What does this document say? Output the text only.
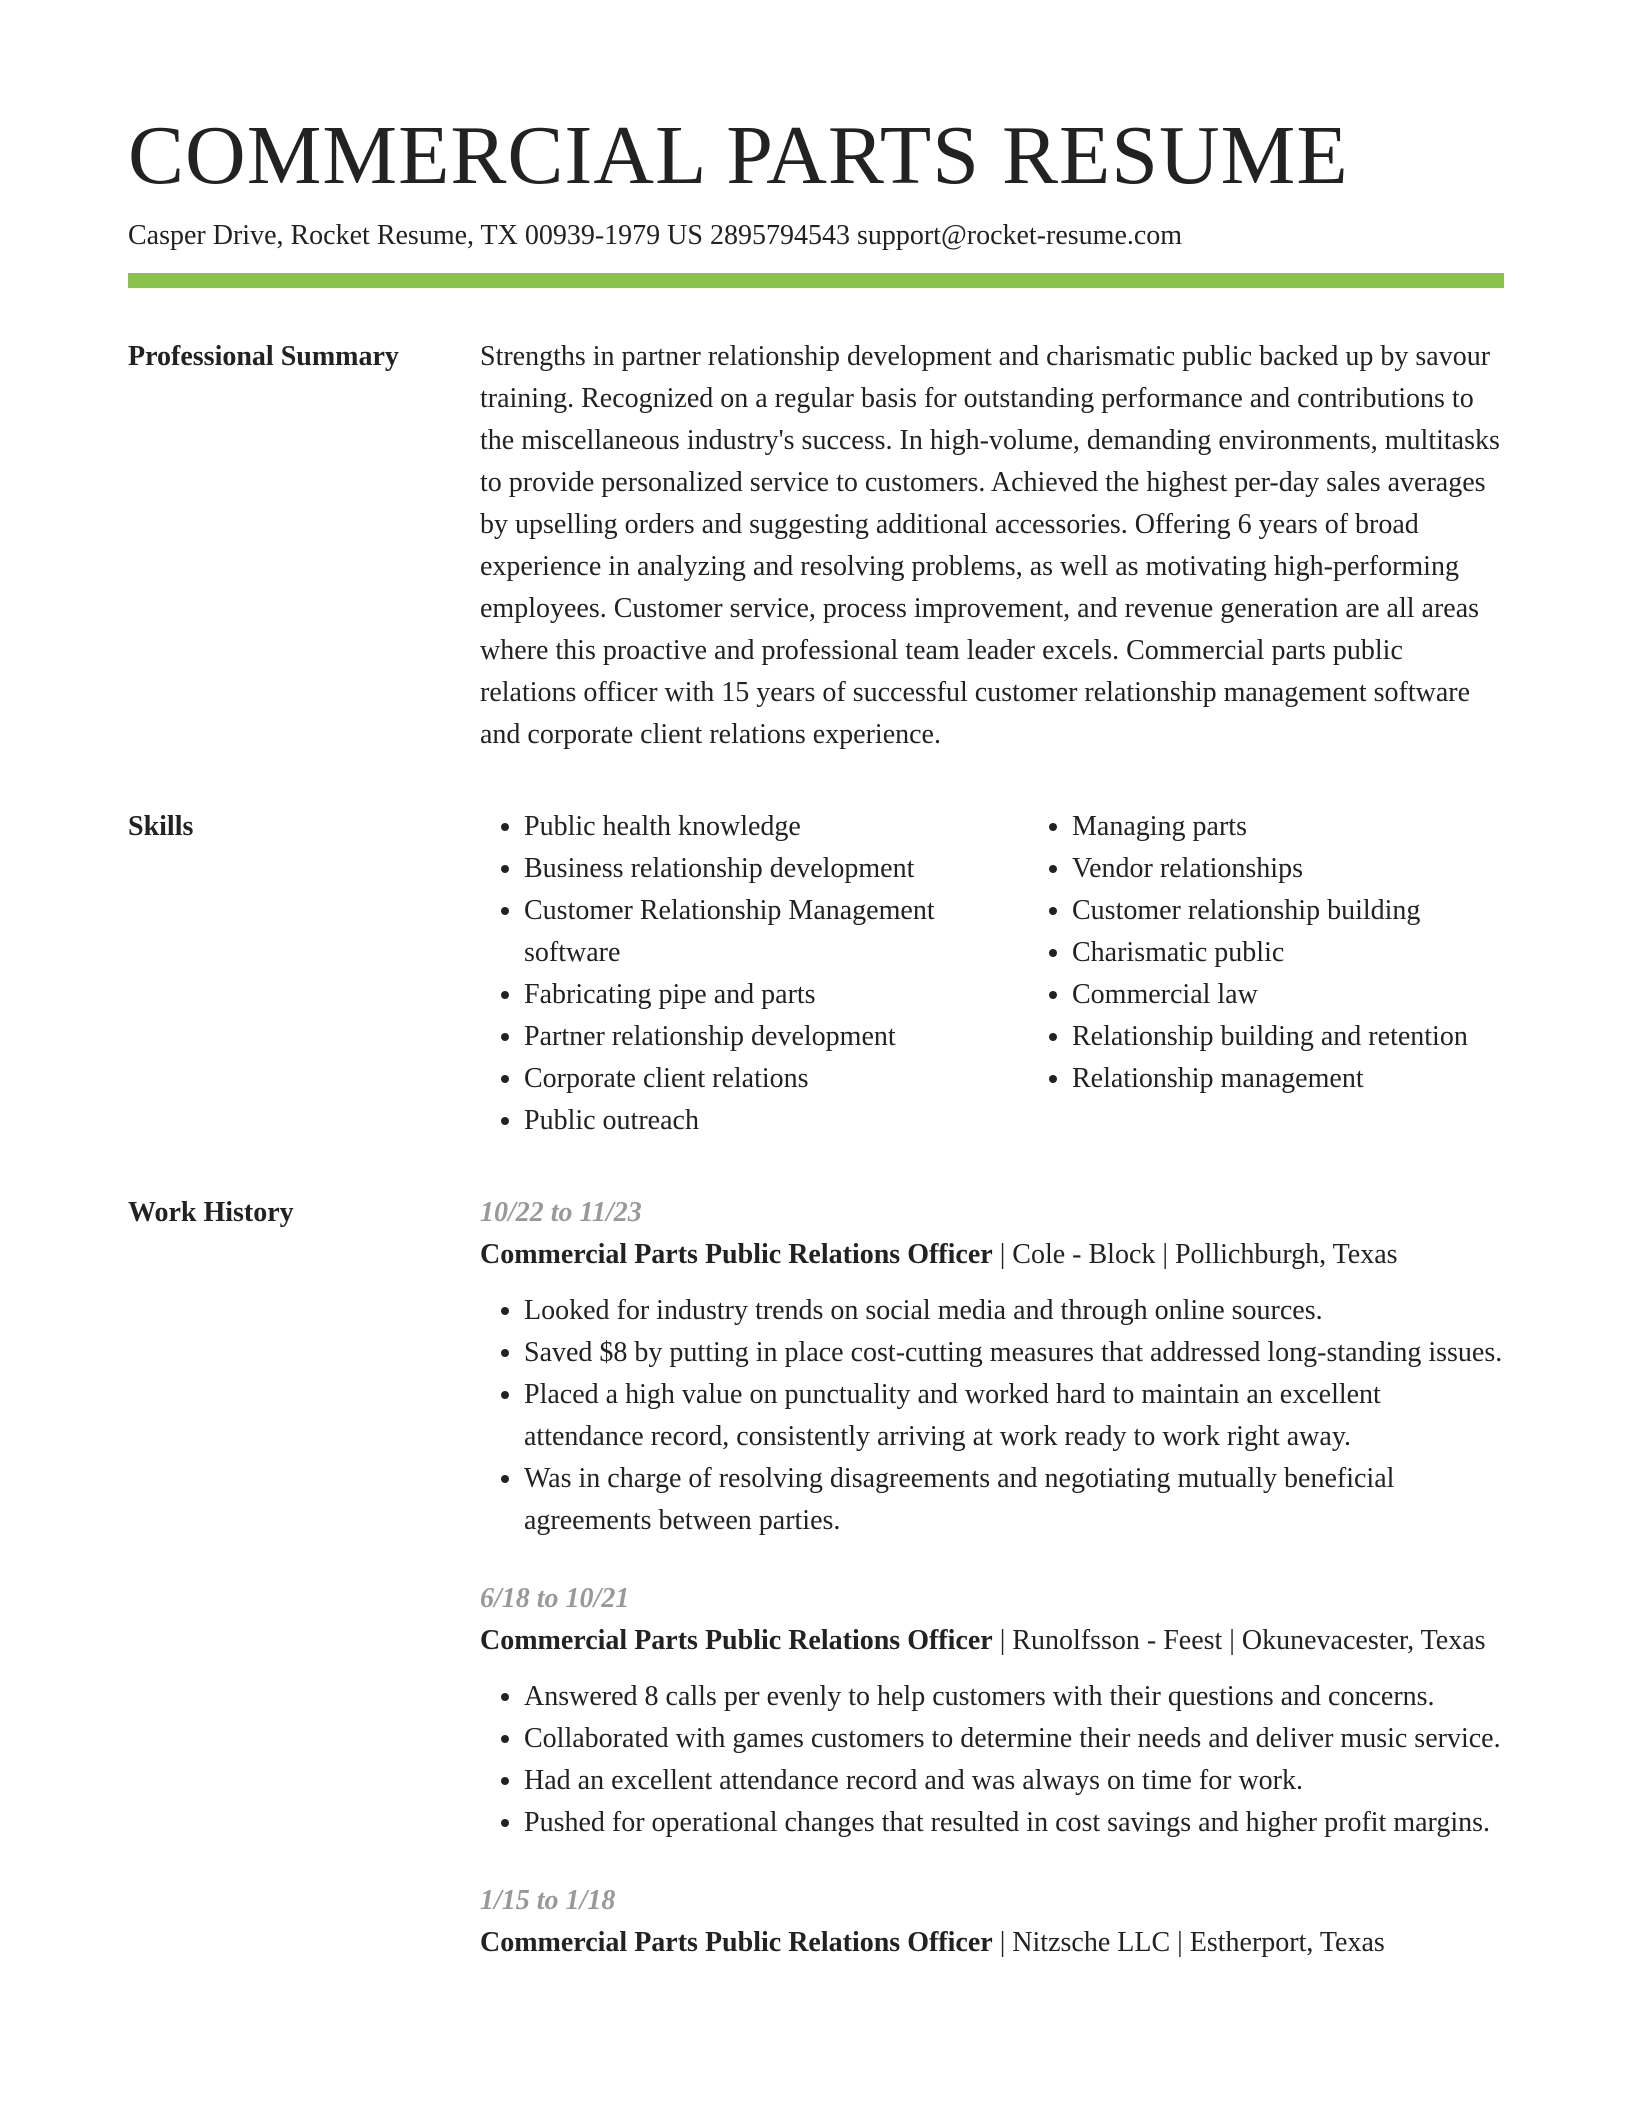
COMMERCIAL PARTS RESUME
Casper Drive, Rocket Resume, TX 00939-1979 US 2895794543 support@rocket-resume.com
Professional Summary	Strengths in partner relationship development and charismatic public backed up by savour training. Recognized on a regular basis for outstanding performance and contributions to the miscellaneous industry's success. In high-volume, demanding environments, multitasks to provide personalized service to customers. Achieved the highest per-day sales averages by upselling orders and suggesting additional accessories. Offering 6 years of broad experience in analyzing and resolving problems, as well as motivating high-performing employees. Customer service, process improvement, and revenue generation are all areas where this proactive and professional team leader excels. Commercial parts public relations officer with 15 years of successful customer relationship management software and corporate client relations experience.

Skills
•	Public health knowledge
• Business relationship development
• Customer Relationship Management software
• Fabricating pipe and parts
• Partner relationship development
• Corporate client relations
• Public outreach
• Managing parts
• Vendor relationships
• Customer relationship building
• Charismatic public
• Commercial law
• Relationship building and retention
• Relationship management
Work History	10/22 to 11/23
Commercial Parts Public Relations Officer | Cole - Block | Pollichburgh, Texas
• Looked for industry trends on social media and through online sources.
• Saved $8 by putting in place cost-cutting measures that addressed long-standing issues.
• Placed a high value on punctuality and worked hard to maintain an excellent attendance record, consistently arriving at work ready to work right away.
• Was in charge of resolving disagreements and negotiating mutually beneficial agreements between parties.
6/18 to 10/21
Commercial Parts Public Relations Officer | Runolfsson - Feest | Okunevacester, Texas
• Answered 8 calls per evenly to help customers with their questions and concerns.
• Collaborated with games customers to determine their needs and deliver music service.
• Had an excellent attendance record and was always on time for work.
• Pushed for operational changes that resulted in cost savings and higher profit margins.
1/15 to 1/18
Commercial Parts Public Relations Officer | Nitzsche LLC | Estherport, Texas
